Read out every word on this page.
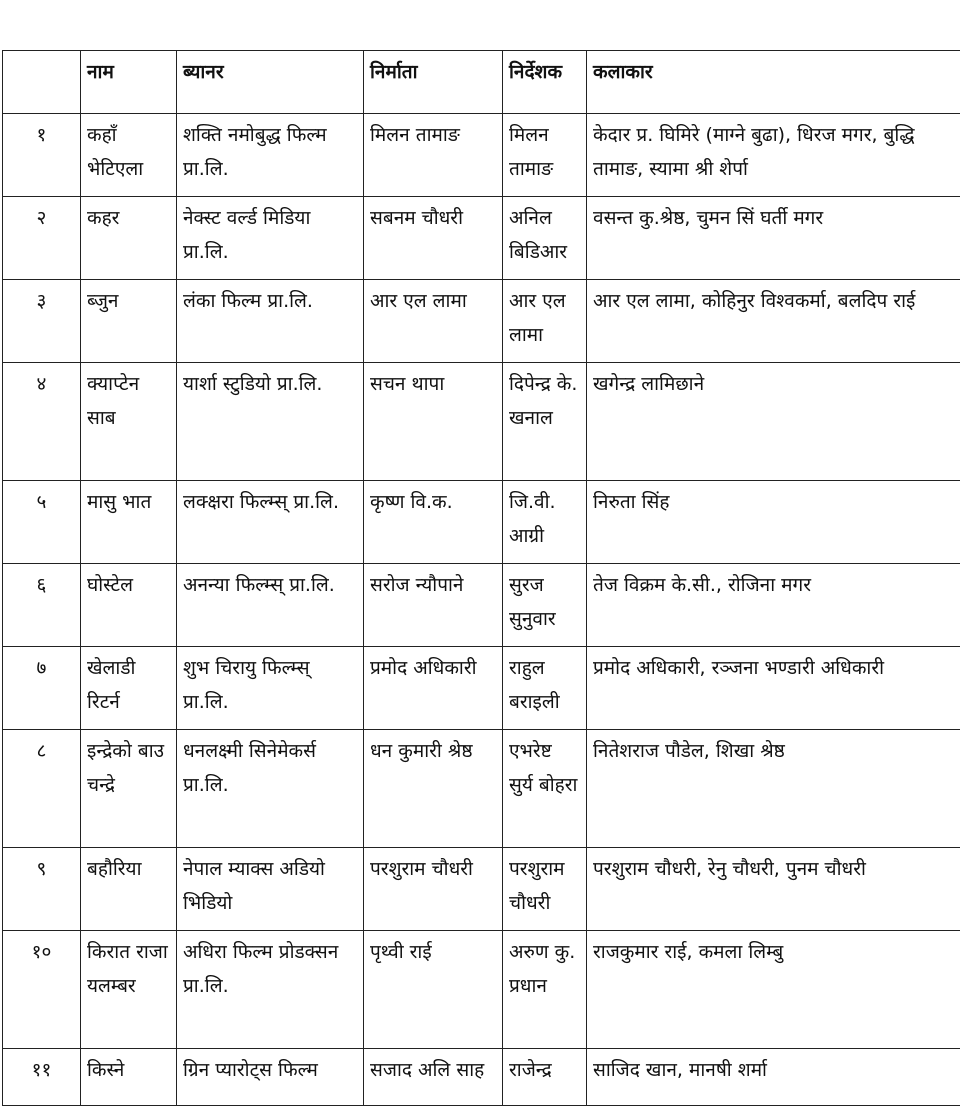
	नाम	ब्यानर	निर्माता	निर्देशक	कलाकार
१	कहाँ भेटिएला	शक्ति नमोबुद्ध फिल्म प्रा.लि.	मिलन तामाङ	मिलन तामाङ	केदार प्र. घिमिरे (माग्ने बुढा), धिरज मगर, बुद्धि तामाङ, स्यामा श्री शेर्पा
२	कहर	नेक्स्ट वर्ल्ड मिडिया प्रा.लि.	सबनम चौधरी	अनिल बिडिआर	वसन्त कु.श्रेष्ठ, चुमन सिं घर्ती मगर
३	ब्जुन	लंका फिल्म प्रा.लि.	आर एल लामा	आर एल लामा	आर एल लामा, कोहिनुर विश्वकर्मा, बलदिप राई
४	क्याप्टेन साब	यार्शा स्टुडियो प्रा.लि.	सचन थापा	दिपेन्द्र के. खनाल	खगेन्द्र लामिछाने
५	मासु भात	लक्क्षरा फिल्म्स् प्रा.लि.	कृष्ण वि.क.	जि.वी. आग्री	निरुता सिंह
६	घोस्टेल	अनन्या फिल्म्स् प्रा.लि.	सरोज न्यौपाने	सुरज सुनुवार	तेज विक्रम के.सी., रोजिना मगर
७	खेलाडी रिटर्न	शुभ चिरायु फिल्म्स् प्रा.लि.	प्रमोद अधिकारी	राहुल बराइली	प्रमोद अधिकारी, रञ्जना भण्डारी अधिकारी
८	इन्द्रेको बाउ चन्द्रे	धनलक्ष्मी सिनेमेकर्स प्रा.लि.	धन कुमारी श्रेष्ठ	एभरेष्ट सुर्य बोहरा	नितेशराज पौडेल, शिखा श्रेष्ठ
९	बहौरिया	नेपाल म्याक्स अडियो भिडियो	परशुराम चौधरी	परशुराम चौधरी	परशुराम चौधरी, रेनु चौधरी, पुनम चौधरी
१०	किरात राजा यलम्बर	अधिरा फिल्म प्रोडक्सन प्रा.लि.	पृथ्वी राई	अरुण कु. प्रधान	राजकुमार राई, कमला लिम्बु
११	किस्ने	ग्रिन प्यारोट्स फिल्म	सजाद अलि साह	राजेन्द्र	साजिद खान, मानषी शर्मा
